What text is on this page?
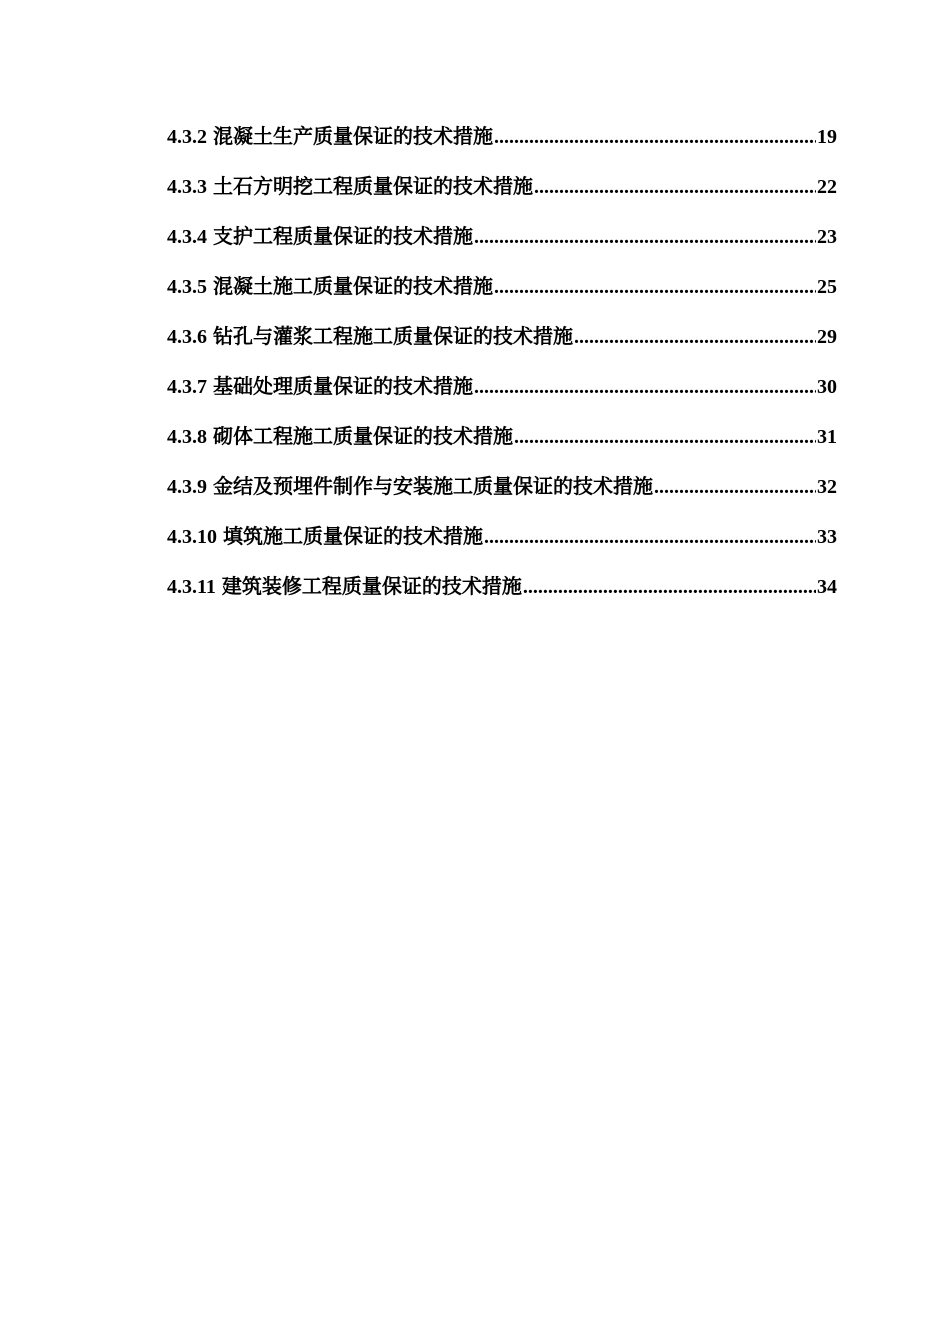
4.3.2 混凝土生产质量保证的技术措施 .....	19
4.3.3 土石方明挖工程质量保证的技术措施 .....	22
4.3.4 支护工程质量保证的技术措施 .....	23
4.3.5 混凝土施工质量保证的技术措施 .....	25
4.3.6 钻孔与灌浆工程施工质量保证的技术措施 .....	29
4.3.7 基础处理质量保证的技术措施 .....	30
4.3.8 砌体工程施工质量保证的技术措施 .....	31
4.3.9 金结及预埋件制作与安装施工质量保证的技术措施 .....	32
4.3.10 填筑施工质量保证的技术措施 .....	33
4.3.11 建筑装修工程质量保证的技术措施 .....	34
